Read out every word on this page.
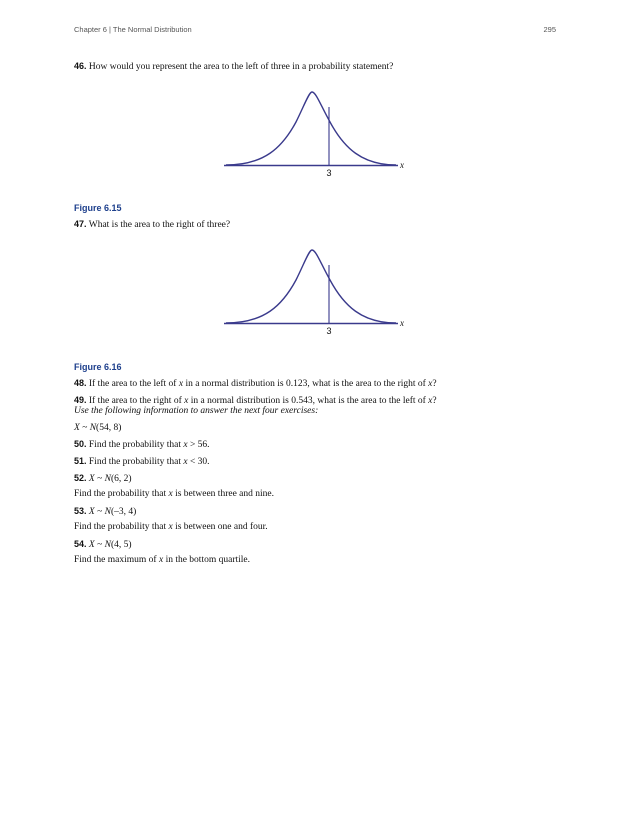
Chapter 6 | The Normal Distribution	295
46. How would you represent the area to the left of three in a probability statement?
x
3
Figure 6.15
47. What is the area to the right of three?
x
3
Figure 6.16
48. If the area to the left of x in a normal distribution is 0.123, what is the area to the right of x?
49. If the area to the right of x in a normal distribution is 0.543, what is the area to the left of x?
Use the following information to answer the next four exercises:
X ~ N(54, 8)
50. Find the probability that x > 56.
51. Find the probability that x < 30.
52. X ~ N(6, 2)
Find the probability that x is between three and nine.
53. X ~ N(–3, 4)
Find the probability that x is between one and four.
54. X ~ N(4, 5)
Find the maximum of x in the bottom quartile.
